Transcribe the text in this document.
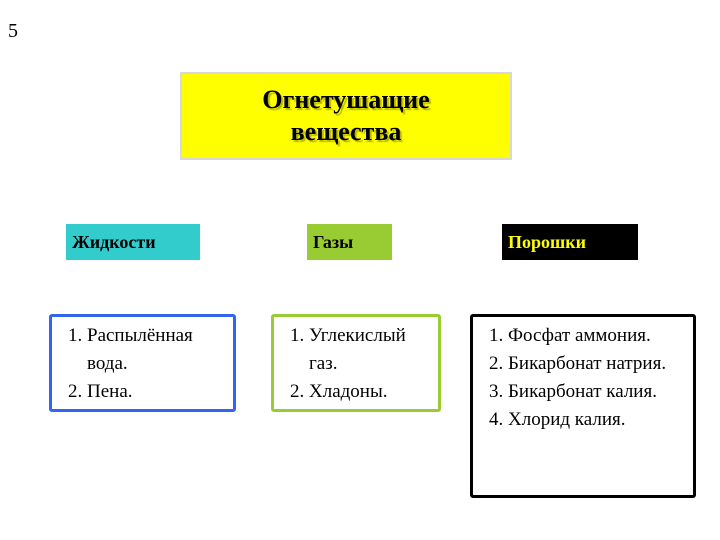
5
Огнетушащие
вещества
Жидкости	Газы	Порошки
1. Распылённая вода.
2. Пена.
1. Углекислый газ.
2. Хладоны.
1. Фосфат аммония.
2. Бикарбонат натрия.
3. Бикарбонат калия.
4. Хлорид калия.
